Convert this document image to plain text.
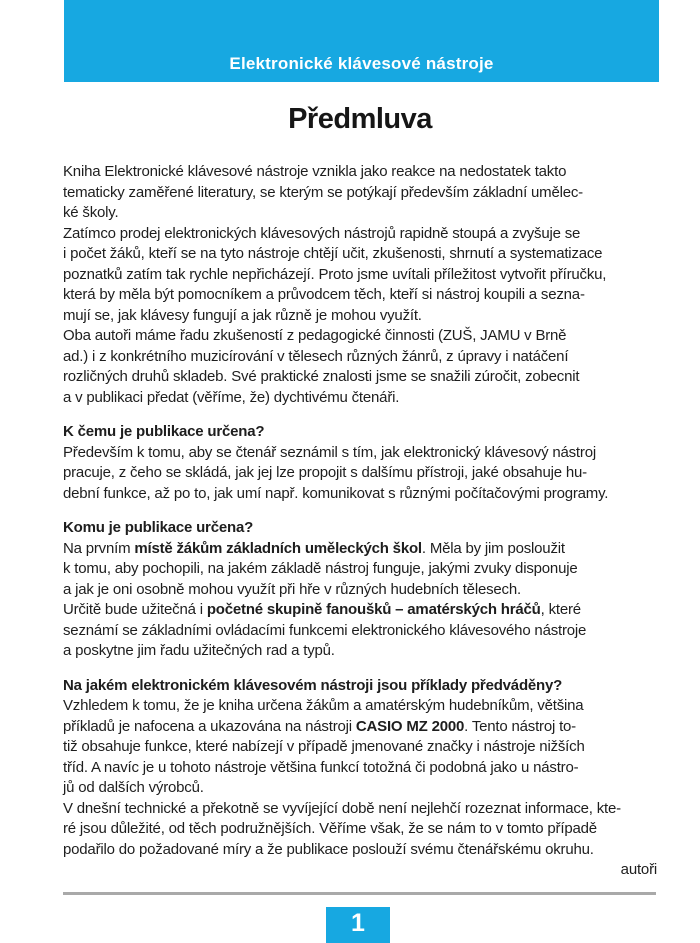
Elektronické klávesové nástroje
Předmluva
Kniha Elektronické klávesové nástroje vznikla jako reakce na nedostatek takto
tematicky zaměřené literatury, se kterým se potýkají především základní umělec-
ké školy.
Zatímco prodej elektronických klávesových nástrojů rapidně stoupá a zvyšuje se
i počet žáků, kteří se na tyto nástroje chtějí učit, zkušenosti, shrnutí a systematizace
poznatků zatím tak rychle nepřicházejí. Proto jsme uvítali příležitost vytvořit příručku,
která by měla být pomocníkem a průvodcem těch, kteří si nástroj koupili a sezna-
mují se, jak klávesy fungují a jak různě je mohou využít.
Oba autoři máme řadu zkušeností z pedagogické činnosti (ZUŠ, JAMU v Brně
ad.) i z konkrétního muzicírování v tělesech různých žánrů, z úpravy i natáčení
rozličných druhů skladeb. Své praktické znalosti jsme se snažili zúročit, zobecnit
a v publikaci předat (věříme, že) dychtivému čtenáři.
K čemu je publikace určena?
Především k tomu, aby se čtenář seznámil s tím, jak elektronický klávesový nástroj
pracuje, z čeho se skládá, jak jej lze propojit s dalšímu přístroji, jaké obsahuje hu-
dební funkce, až po to, jak umí např. komunikovat s různými počítačovými programy.
Komu je publikace určena?
Na prvním místě žákům základních uměleckých škol. Měla by jim posloužit
k tomu, aby pochopili, na jakém základě nástroj funguje, jakými zvuky disponuje
a jak je oni osobně mohou využít při hře v různých hudebních tělesech.
Určitě bude užitečná i početné skupině fanoušků – amatérských hráčů, které
seznámí se základními ovládacími funkcemi elektronického klávesového nástroje
a poskytne jim řadu užitečných rad a typů.
Na jakém elektronickém klávesovém nástroji jsou příklady předváděny?
Vzhledem k tomu, že je kniha určena žákům a amatérským hudebníkům, většina
příkladů je nafocena a ukazována na nástroji CASIO MZ 2000. Tento nástroj to-
tiž obsahuje funkce, které nabízejí v případě jmenované značky i nástroje nižších
tříd. A navíc je u tohoto nástroje většina funkcí totožná či podobná jako u nástro-
jů od dalších výrobců.
V dnešní technické a překotně se vyvíjející době není nejlehčí rozeznat informace, kte-
ré jsou důležité, od těch podružnějších. Věříme však, že se nám to v tomto případě
podařilo do požadované míry a že publikace poslouží svému čtenářskému okruhu.
autoři
1
